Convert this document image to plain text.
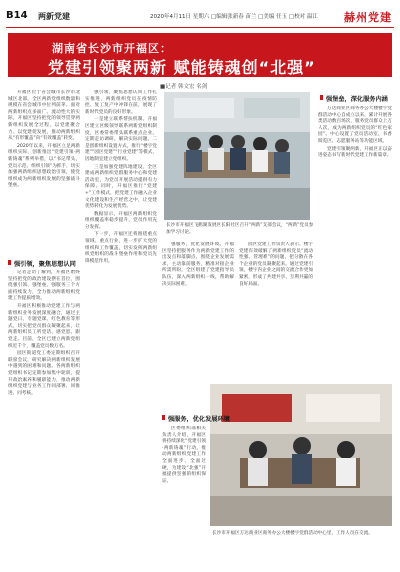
B14 两新党建	2020年4月11日 星期六 □编辑张新春 苗兰 □美编 任玉 □校对 温江 赫州党建
湖南省长沙市开福区：
党建引领聚两新 赋能铸魂创“北强”
■记者 韩文宏 名剑
长沙市开福区飞鹤湖发展区长阳社区召开“两新”支部会议，“两新”党员参加学习讨论。
长沙市开福区万达商业区商务办公大楼楼宇党群活动中心里，工作人员在交流。
强堡垒，深化服务内涵
强引领，聚焦思想认同
强服务，优化发展环境

开福区位于省会城市长沙市北城区北部，全区两新党组织数量和规模在省会城市中位列前茅。面对两新组织点多面广、流动性大的实际，开福区坚持把党的领导贯穿两新组织发展全过程，以党建聚合力、以党建促发展，推动两新组织从“有形覆盖”向“有效覆盖”转变。

2020年以来，开福区立足两新组织实际，创新推出“党建引领·两新铸魂”系列举措，以“书记带头、党员示范、组织引领”为抓手，切实加强两新组织思想政治引领，使党组织成为两新组织发展的坚强战斗堡垒。

记者走访了解到，开福区始终坚持把党的政治建设摆在首位，围绕强引领、强堡垒、强服务三个方面持续发力，全力推动两新组织党建工作提质增效。

开福区积极推动党建工作与两新组织业务发展深度融合，通过主题党日、专题党课、红色教育等形式，切实把党员群众凝聚起来，让两新组织员工听党话、感党恩、跟党走。目前，全区已建立两新党组织近千个，覆盖党员数万名。

园区街道党工委定期组织召开联席会议，研究解决两新组织发展中遇到的困难和问题。各两新组织党组织书记定期参加集中轮训，提升政治素养和履职能力，推动两新组织党建与业务工作同部署、同推进、同考核。

强引领，聚焦思想认同工作扎实推进，两新组织党员在疫情防控、复工复产中冲锋在前，展现了新时代党员的良好形象。

一是建立联系帮扶机制。开福区建立区级领导联系两新党组织制度，区委常委带头联系重点企业，定期走访调研、解决实际问题。二是创新组织设置方式，推行“楼宇党建”“园区党建”“行业党建”等模式，因地制宜建立党组织。

三是加强党建阵地建设。全区建成两新组织党群服务中心和党建活动室，为党员开展活动提供有力保障。同时，开福区推行“党建+”工作模式，把党建工作融入企业文化建设和生产经营之中，让党建优势转化为发展优势。

数据显示，开福区两新组织党组织覆盖率稳步提升，党员作用充分发挥。

下一步，开福区还将围绕重点领域、重点行业，进一步扩大党的组织和工作覆盖，切实发挥两新组织党组织的战斗堡垒作用和党员先锋模范作用。

强服务，优化发展环境。开福区坚持把服务作为两新党建工作的出发点和落脚点，围绕企业发展需求，主动靠前服务，精准对接企业所需所盼。全区组建了党建指导员队伍，深入两新组织一线，帮助解决实际困难。

区委组织部相关负责人介绍，开福区将持续深化“党建引领·两新铸魂”行动，推动两新组织党建工作全面进步、全面过硬，为建设“北强”开福提供坚强的组织保证。

园区党建工作负责人表示，楼宇党建有效破解了两新组织党员“流动性强、管理难”的问题，把分散在各个企业的党员凝聚起来。通过党建引领，楼宇内企业之间的交流合作更加紧密，形成了共建共享、互利共赢的良好局面。

万达商业区商务办公大楼楼宇党群活动中心自成立以来，累计开展各类活动数百场次，服务党员群众上万人次，成为两新组织党员的“红色家园”。中心设置了党员活动室、书香阅览区、志愿服务站等功能区域。

党建引领聚两新，开福区正以奋进姿态书写新时代党建工作新篇章。
